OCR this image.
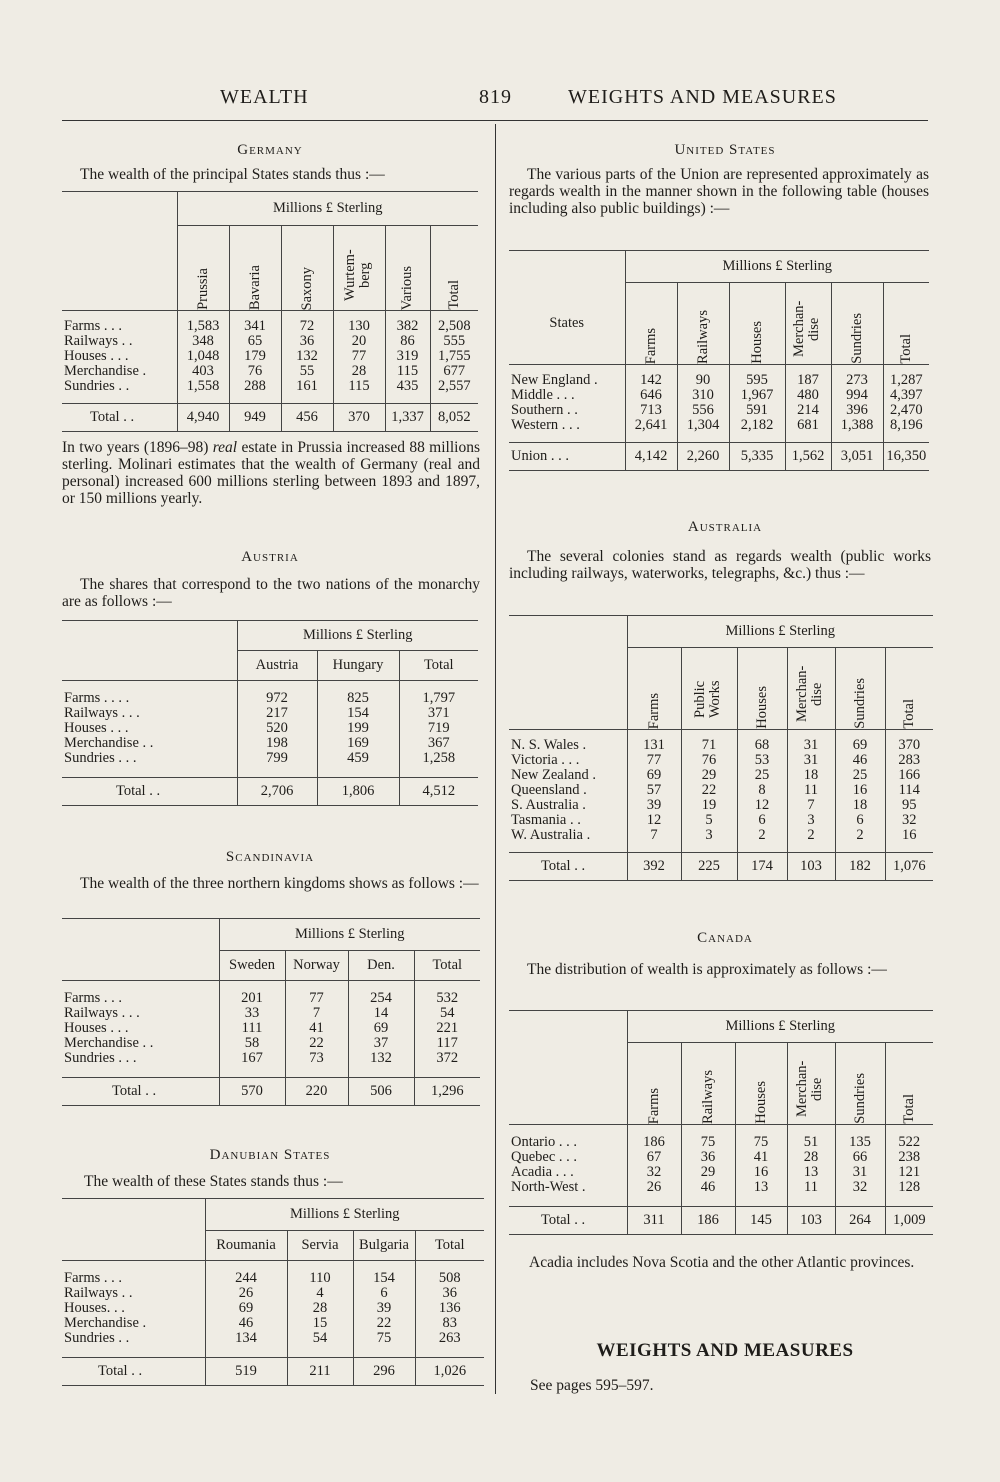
WEALTH	819	WEIGHTS AND MEASURES
Germany
The wealth of the principal States stands thus :—
	Millions £ Sterling					

	Prussia	Bavaria	Saxony	Wurtem-berg	Various	Total

Farms . . .	1,583	341	72	130	382	2,508
Railways . .	348	65	36	20	86	555
Houses . . .	1,048	179	132	77	319	1,755
Merchandise .	403	76	55	28	115	677
Sundries . .	1,558	288	161	115	435	2,557

Total . .	4,940	949	456	370	1,337	8,052
In two years (1896–98) real estate in Prussia increased 88 millions sterling. Molinari estimates that the wealth of Germany (real and personal) increased 600 millions sterling between 1893 and 1897, or 150 millions yearly.
Austria
The shares that correspond to the two nations of the monarchy are as follows :—
	Millions £ Sterling		
	Austria	Hungary	Total

Farms . . . .	972	825	1,797
Railways . . .	217	154	371
Houses . . .	520	199	719
Merchandise . .	198	169	367
Sundries . . .	799	459	1,258

Total . .	2,706	1,806	4,512
Scandinavia
The wealth of the three northern kingdoms shows as follows :—
	Millions £ Sterling			
	Sweden	Norway	Den.	Total

Farms . . .	201	77	254	532
Railways . . .	33	7	14	54
Houses . . .	111	41	69	221
Merchandise . .	58	22	37	117
Sundries . . .	167	73	132	372

Total . .	570	220	506	1,296
Danubian States
The wealth of these States stands thus :—
	Millions £ Sterling			
	Roumania	Servia	Bulgaria	Total

Farms . . .	244	110	154	508
Railways . .	26	4	6	36
Houses. . .	69	28	39	136
Merchandise .	46	15	22	83
Sundries . .	134	54	75	263

Total . .	519	211	296	1,026
United States
The various parts of the Union are represented approximately as regards wealth in the manner shown in the following table (houses including also public buildings) :—
	Millions £ Sterling					
States	Farms	Railways	Houses	Merchan-dise	Sundries	Total

New England .	142	90	595	187	273	1,287
Middle . . .	646	310	1,967	480	994	4,397
Southern . .	713	556	591	214	396	2,470
Western . . .	2,641	1,304	2,182	681	1,388	8,196

Union . . .	4,142	2,260	5,335	1,562	3,051	16,350
Australia
The several colonies stand as regards wealth (public works including railways, waterworks, telegraphs, &c.) thus :—
	Millions £ Sterling					

	Farms	Public Works	Houses	Merchan-dise	Sundries	Total

N. S. Wales .	131	71	68	31	69	370
Victoria . . .	77	76	53	31	46	283
New Zealand .	69	29	25	18	25	166
Queensland .	57	22	8	11	16	114
S. Australia .	39	19	12	7	18	95
Tasmania . .	12	5	6	3	6	32
W. Australia .	7	3	2	2	2	16

Total . .	392	225	174	103	182	1,076
Canada
The distribution of wealth is approximately as follows :—
	Millions £ Sterling					

	Farms	Railways	Houses	Merchan-dise	Sundries	Total

Ontario . . .	186	75	75	51	135	522
Quebec . . .	67	36	41	28	66	238
Acadia . . .	32	29	16	13	31	121
North-West .	26	46	13	11	32	128

Total . .	311	186	145	103	264	1,009
Acadia includes Nova Scotia and the other Atlantic provinces.
WEIGHTS AND MEASURES
See pages 595–597.
